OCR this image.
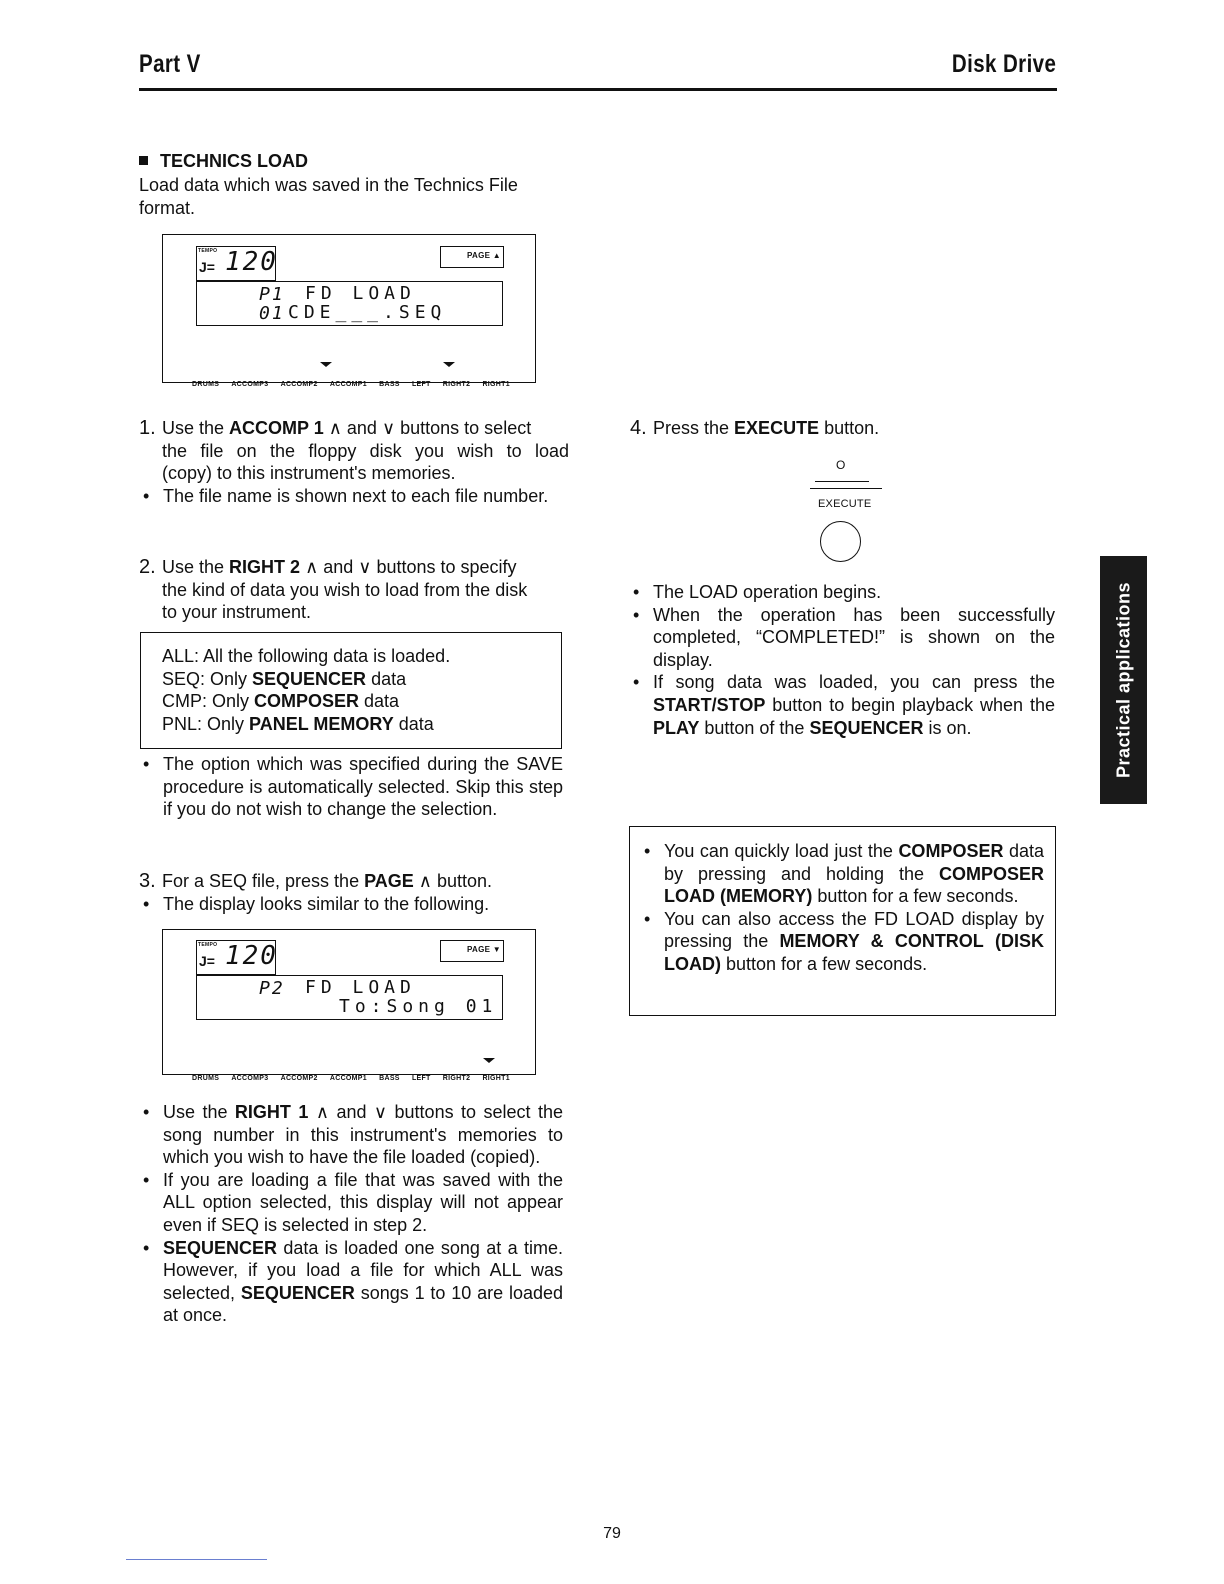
Part V	Disk Drive
TECHNICS LOAD
Load data which was saved in the Technics File format.
TEMPO
J= 120	PAGE ▲
P1 FD LOAD
01 CDE___.SEQ
DRUMS ACCOMP3 ACCOMP2 ACCOMP1 BASS LEFT RIGHT2 RIGHT1
1. Use the ACCOMP 1 ∧ and ∨ buttons to select
the file on the floppy disk you wish to load
(copy) to this instrument's memories.
• The file name is shown next to each file number.
2. Use the RIGHT 2 ∧ and ∨ buttons to specify
the kind of data you wish to load from the disk
to your instrument.
ALL: All the following data is loaded.
SEQ: Only SEQUENCER data
CMP: Only COMPOSER data
PNL: Only PANEL MEMORY data
• The option which was specified during the SAVE procedure is automatically selected. Skip this step if you do not wish to change the selection.
3. For a SEQ file, press the PAGE ∧ button.
• The display looks similar to the following.
TEMPO
J= 120	PAGE ▼
P2 FD LOAD
To:Song 01
DRUMS ACCOMP3 ACCOMP2 ACCOMP1 BASS LEFT RIGHT2 RIGHT1
• Use the RIGHT 1 ∧ and ∨ buttons to select the song number in this instrument's memories to which you wish to have the file loaded (copied).
• If you are loading a file that was saved with the ALL option selected, this display will not appear even if SEQ is selected in step 2.
• SEQUENCER data is loaded one song at a time. However, if you load a file for which ALL was selected, SEQUENCER songs 1 to 10 are loaded at once.
4. Press the EXECUTE button.
O
EXECUTE
• The LOAD operation begins.
• When the operation has been successfully completed, “COMPLETED!” is shown on the display.
• If song data was loaded, you can press the START/STOP button to begin playback when the PLAY button of the SEQUENCER is on.
• You can quickly load just the COMPOSER data by pressing and holding the COMPOSER LOAD (MEMORY) button for a few seconds.
• You can also access the FD LOAD display by pressing the MEMORY & CONTROL (DISK LOAD) button for a few seconds.
Practical applications
79
